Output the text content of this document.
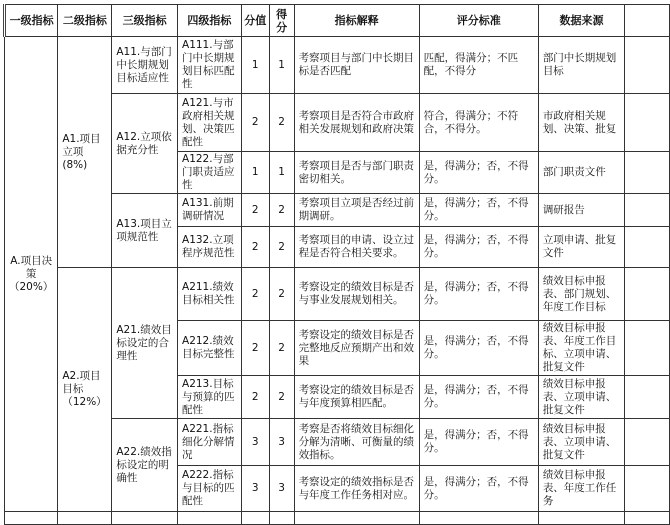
一级指标	二级指标	三级指标	四级指标	分值	得分	指标解释	评分标准	数据来源	
A.项目决策（20%）	A1.项目立项(8%)	A11.与部门中长期规划目标适应性	A111.与部门中长期规划目标匹配性	1	1	考察项目与部门中长期目标是否匹配	匹配，得满分；不匹配，不得分	部门中长期规划目标	
		A12.立项依据充分性	A121.与市政府相关规划、决策匹配性	2	2	考察项目是否符合市政府相关发展规划和政府决策	符合，得满分；不符合，不得分。	市政府相关规划、决策、批复	
			A122.与部门职责适应性	1	1	考察项目是否与部门职责密切相关。	是，得满分；否，不得分。	部门职责文件	
		A13.项目立项规范性	A131.前期调研情况	2	2	考察项目立项是否经过前期调研。	是，得满分；否，不得分。	调研报告	
			A132.立项程序规范性	2	2	考察项目的申请、设立过程是否符合相关要求。	是，得满分；否，不得分。	立项申请、批复文件	
	A2.项目目标（12%）	A21.绩效目标设定的合理性	A211.绩效目标相关性	2	2	考察设定的绩效目标是否与事业发展规划相关。	是，得满分；否，不得分。	绩效目标申报表、部门规划、年度工作目标	
			A212.绩效目标完整性	2	2	考察设定的绩效目标是否完整地反应预期产出和效果	是，得满分；否，不得分。	绩效目标申报表、年度工作目标、立项申请、批复文件	
			A213.目标与预算的匹配性	2	2	考察设定的绩效目标是否与年度预算相匹配。	是，得满分；否，不得分。	绩效目标申报表、立项申请、批复文件	
		A22.绩效指标设定的明确性	A221.指标细化分解情况	3	3	考察是否将绩效目标细化分解为清晰、可衡量的绩效指标。	是，得满分；否，不得分。	绩效目标申报表、立项申请、批复文件	
			A222.指标与目标的匹配性	3	3	考察设定的绩效指标是否与年度工作任务相对应。	是，得满分；否，不得分。	绩效目标申报表、年度工作任务	
